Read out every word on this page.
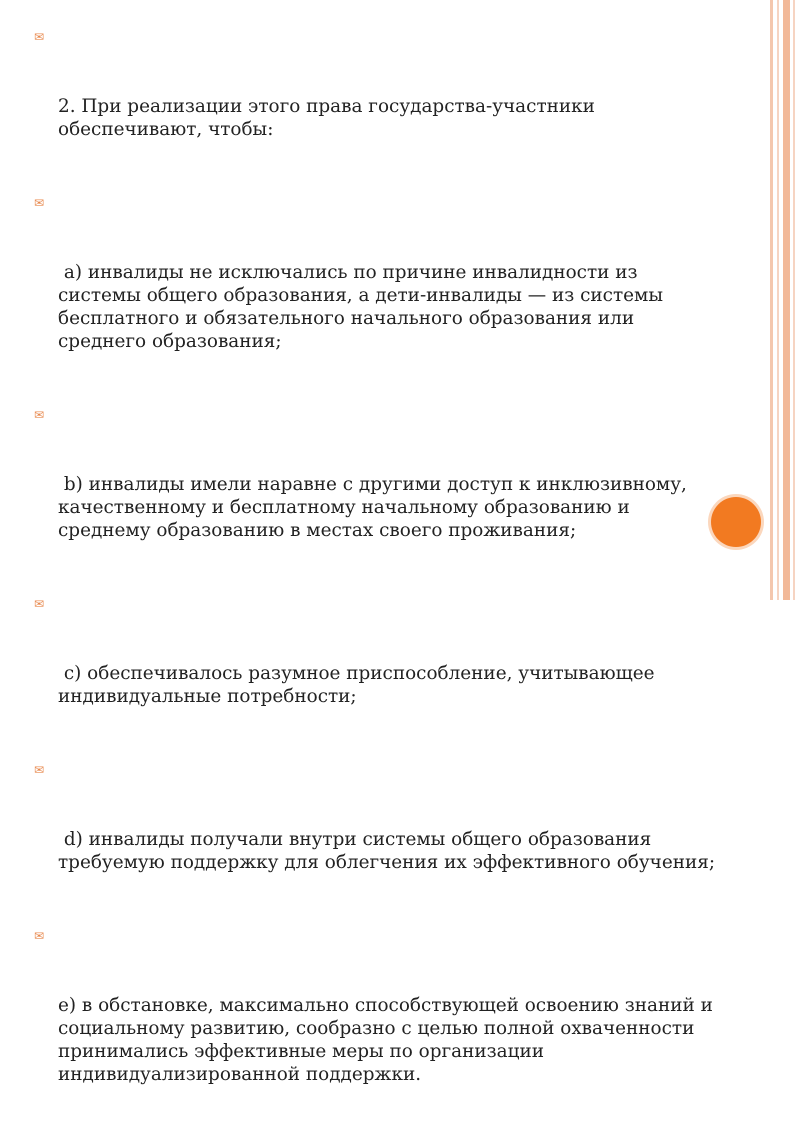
✉

2. При реализации этого права государства-участники обеспечивают, чтобы:

✉

а) инвалиды не исключались по причине инвалидности из системы общего образования, а дети-инвалиды — из системы бесплатного и обязательного начального образования или среднего образования;

✉

b) инвалиды имели наравне с другими доступ к инклюзивному, качественному и бесплатному начальному образованию и среднему образованию в местах своего проживания;

✉

c) обеспечивалось разумное приспособление, учитывающее индивидуальные потребности;

✉

d) инвалиды получали внутри системы общего образования требуемую поддержку для облегчения их эффективного обучения;

✉

e) в обстановке, максимально способствующей освоению знаний и социальному развитию, сообразно с целью полной охваченности принимались эффективные меры по организации индивидуализированной поддержки.
